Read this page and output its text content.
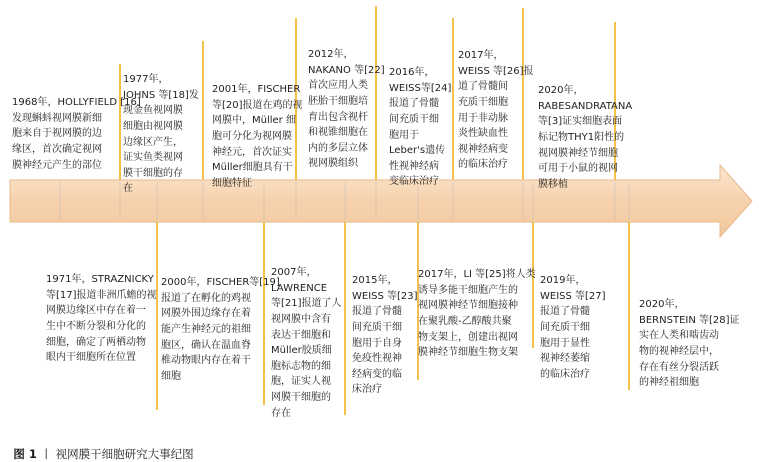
1968年，HOLLYFIELD [16]
发现蝌蚪视网膜新细
胞来自于视网膜的边
缘区，首次确定视网
膜神经元产生的部位

1977年，
JOHNS 等[18]发
现金鱼视网膜
细胞由视网膜
边缘区产生，
证实鱼类视网
膜干细胞的存
在

2001年，FISCHER
等[20]报道在鸡的视
网膜中，Müller 细
胞可分化为视网膜
神经元，首次证实
Müller细胞具有干
细胞特征

2012年，
NAKANO 等[22]
首次应用人类
胚胎干细胞培
育出包含视杆
和视锥细胞在
内的多层立体
视网膜组织

2016年，
WEISS等[24]
报道了骨髓
间充质干细
胞用于
Leber's遗传
性视神经病
变临床治疗

2017年，
WEISS 等[26]报
道了骨髓间
充质干细胞
用于非动脉
炎性缺血性
视神经病变
的临床治疗

2020年，
RABESANDRATANA
等[3]证实细胞表面
标记物THY1阳性的
视网膜神经节细胞
可用于小鼠的视网
膜移植

1971年，STRAZNICKY
等[17]报道非洲爪蟾的视
网膜边缘区中存在着一
生中不断分裂和分化的
细胞，确定了两栖动物
眼内干细胞所在位置

2000年，FISCHER等[19]
报道了在孵化的鸡视
网膜外围边缘存在着
能产生神经元的祖细
胞区，确认在温血脊
椎动物眼内存在着干
细胞

2007年，
LAWRENCE
等[21]报道了人
视网膜中含有
表达干细胞和
Müller胶质细
胞标志物的细
胞，证实人视
网膜干细胞的
存在

2015年，
WEISS 等[23]
报道了骨髓
间充质干细
胞用于自身
免疫性视神
经病变的临
床治疗

2017年，LI 等[25]将人类
诱导多能干细胞产生的
视网膜神经节细胞接种
在聚乳酸-乙醇酸共聚
物支架上，创建出视网
膜神经节细胞生物支架

2019年，
WEISS 等[27]
报道了骨髓
间充质干细
胞用于显性
视神经萎缩
的临床治疗

2020年，
BERNSTEIN 等[28]证
实在人类和啮齿动
物的视神经层中，
存在有丝分裂活跃
的神经祖细胞

图 1 丨 视网膜干细胞研究大事纪图
